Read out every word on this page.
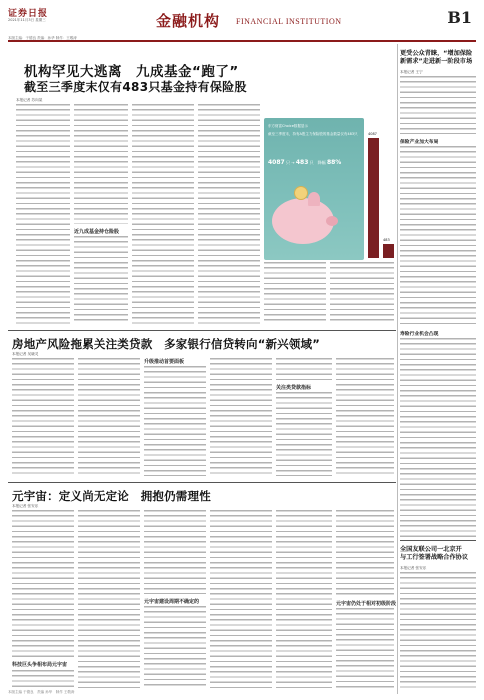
证券日报
2021年11月3日 星期三	金融机构 FINANCIAL INSTITUTION	B1
本版主编：于德良 责编：孙华 制作：王敬涛
机构罕见大逃离　九成基金“跑了”
截至三季度末仅有483只基金持有保险股
本报记者 苏向杲
近九成基金持仓险股
东方财富Choice数据显示
截至三季度末，持有A股主力保险股的基金数量仅有483只
4087 只 → 483 只　降幅 88%
4087
483
更受公众青睐，“增加保险新需求”走进新一阶段市场
本报记者 王宁
保险产业加大布局
寿险行业机会凸现
房地产风险拖累关注类贷款　多家银行信贷转向“新兴领域”
本报记者 吴晓灵
升级推动首要面板
关注类贷款指标
元宇宙：定义尚无定论　拥抱仍需理性
本报记者 张安乐
科技巨头争相布局元宇宙
元宇宙建设周期不确定的	元宇宙仍处于相对初级阶段
全国友联公司一北京开
与工行签署战略合作协议
本报记者 张安乐
本版主编 于德良　责编 孙华　制作 王敬涛
